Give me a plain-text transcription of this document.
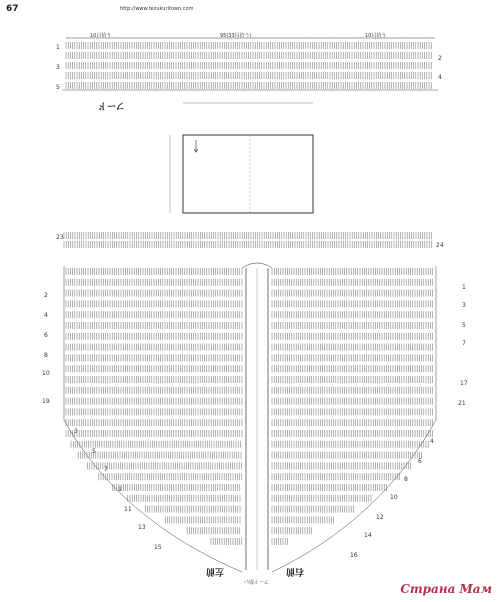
67	http://www.tezukuritown.com
10目拾う	95(33目拾う)	10目拾う
フード
1
3
5
2
4
23
24
2
4
6
8
10
19
3
5
7
9
11
13
15
1
3
5
7
17
21
4
6
8
10
12
14
16
左前	右前
フード拾い
Страна Мам
